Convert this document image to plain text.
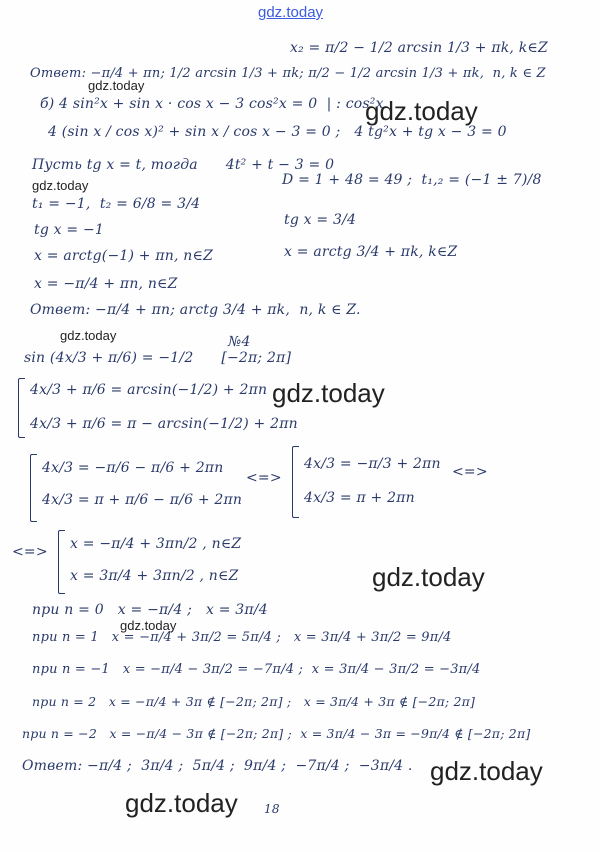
gdz.today
gdz.today
gdz.today
gdz.today
gdz.today
gdz.today
gdz.today
gdz.today
gdz.today
gdz.today
x₂ = π/2 − 1/2 arcsin 1/3 + πk, k∈Z
Ответ: −π/4 + πn; 1/2 arcsin 1/3 + πk; π/2 − 1/2 arcsin 1/3 + πk,  n, k ∈ Z
б) 4 sin²x + sin x · cos x − 3 cos²x = 0  | : cos²x
4 (sin x / cos x)² + sin x / cos x − 3 = 0 ;   4 tg²x + tg x − 3 = 0
Пусть tg x = t, тогда      4t² + t − 3 = 0
D = 1 + 48 = 49 ;  t₁,₂ = (−1 ± 7)/8
t₁ = −1,  t₂ = 6/8 = 3/4
tg x = −1
tg x = 3/4
x = arctg(−1) + πn, n∈Z	x = arctg 3/4 + πk, k∈Z
x = −π/4 + πn, n∈Z
Ответ: −π/4 + πn; arctg 3/4 + πk,  n, k ∈ Z.
№4
sin (4x/3 + π/6) = −1/2      [−2π; 2π]
4x/3 + π/6 = arcsin(−1/2) + 2πn
4x/3 + π/6 = π − arcsin(−1/2) + 2πn
4x/3 = −π/6 − π/6 + 2πn
4x/3 = π + π/6 − π/6 + 2πn
<=>
4x/3 = −π/3 + 2πn
4x/3 = π + 2πn
<=>
<=> x = −π/4 + 3πn/2 , n∈Z
x = 3π/4 + 3πn/2 , n∈Z
при n = 0   x = −π/4 ;   x = 3π/4
при n = 1   x = −π/4 + 3π/2 = 5π/4 ;   x = 3π/4 + 3π/2 = 9π/4
при n = −1   x = −π/4 − 3π/2 = −7π/4 ;  x = 3π/4 − 3π/2 = −3π/4
при n = 2   x = −π/4 + 3π ∉ [−2π; 2π] ;   x = 3π/4 + 3π ∉ [−2π; 2π]
при n = −2   x = −π/4 − 3π ∉ [−2π; 2π] ;  x = 3π/4 − 3π = −9π/4 ∉ [−2π; 2π]
Ответ: −π/4 ;  3π/4 ;  5π/4 ;  9π/4 ;  −7π/4 ;  −3π/4 .
18
